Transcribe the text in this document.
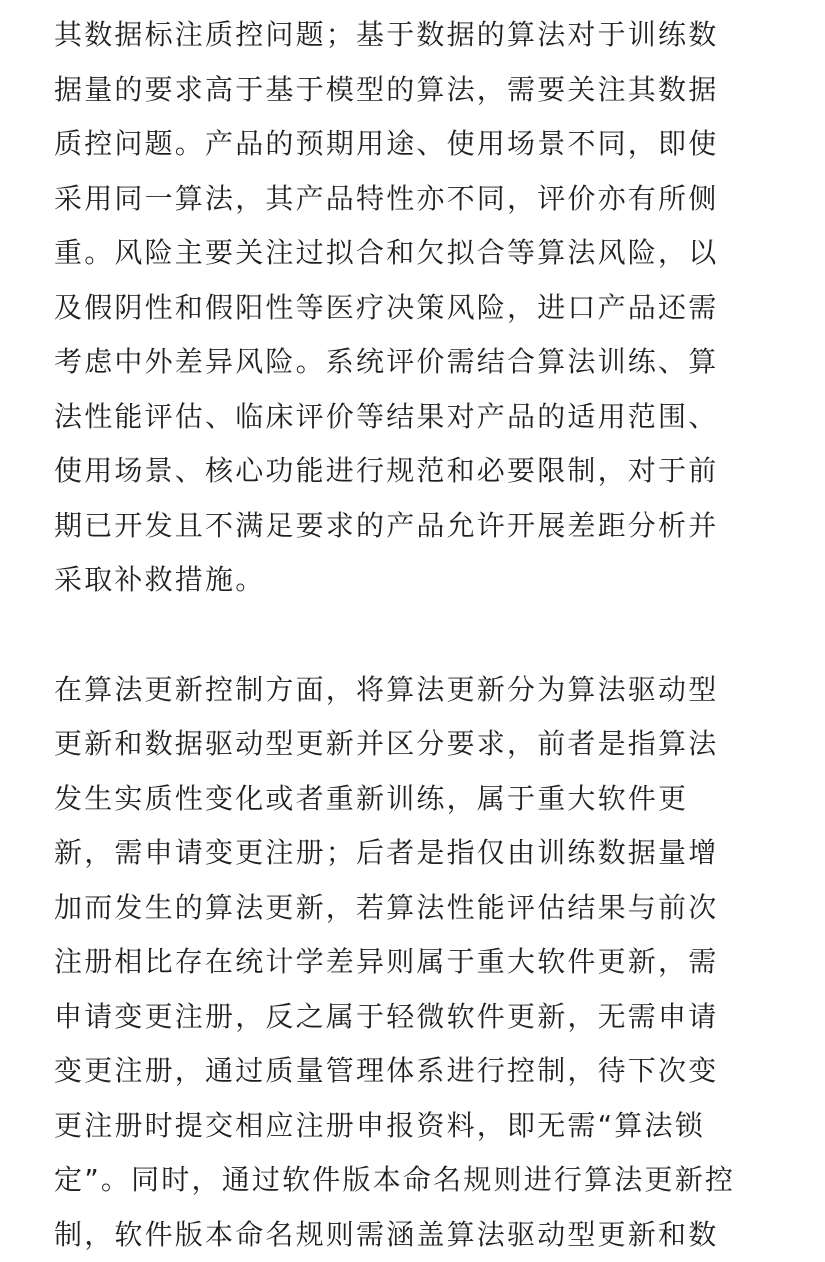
其数据标注质控问题；基于数据的算法对于训练数
据量的要求高于基于模型的算法，需要关注其数据
质控问题。产品的预期用途、使用场景不同，即使
采用同一算法，其产品特性亦不同，评价亦有所侧
重。风险主要关注过拟合和欠拟合等算法风险，以
及假阴性和假阳性等医疗决策风险，进口产品还需
考虑中外差异风险。系统评价需结合算法训练、算
法性能评估、临床评价等结果对产品的适用范围、
使用场景、核心功能进行规范和必要限制，对于前
期已开发且不满足要求的产品允许开展差距分析并
采取补救措施。
在算法更新控制方面，将算法更新分为算法驱动型
更新和数据驱动型更新并区分要求，前者是指算法
发生实质性变化或者重新训练，属于重大软件更
新，需申请变更注册；后者是指仅由训练数据量增
加而发生的算法更新，若算法性能评估结果与前次
注册相比存在统计学差异则属于重大软件更新，需
申请变更注册，反之属于轻微软件更新，无需申请
变更注册，通过质量管理体系进行控制，待下次变
更注册时提交相应注册申报资料，即无需“算法锁
定”。同时，通过软件版本命名规则进行算法更新控
制，软件版本命名规则需涵盖算法驱动型更新和数
